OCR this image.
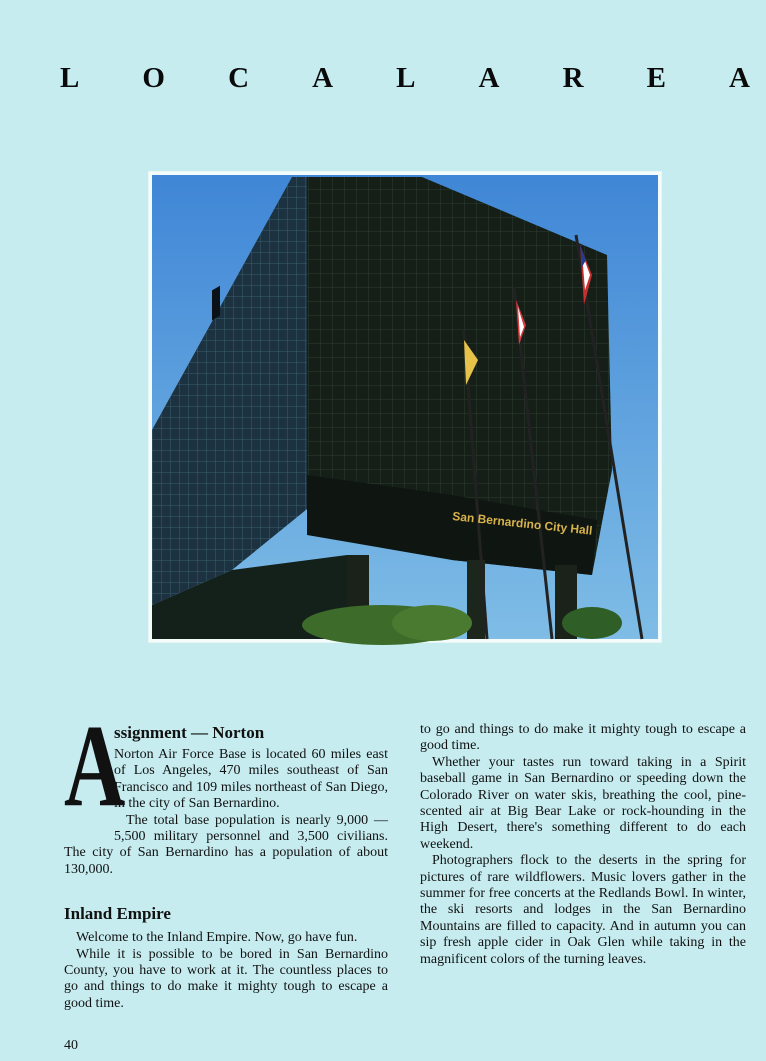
L O C A L A R E A
San Bernardino City Hall
A
ssignment — Norton

Norton Air Force Base is located 60 miles east of Los Angeles, 470 miles southeast of San Francisco and 109 miles northeast of San Diego, in the city of San Bernardino.

The total base population is nearly 9,000 — 5,500 military personnel and 3,500 civilians. The city of San Bernardino has a population of about 130,000.

Inland Empire

Welcome to the Inland Empire. Now, go have fun.

While it is possible to be bored in San Bernardino County, you have to work at it. The countless places to go and things to do make it mighty tough to escape a good time.

to go and things to do make it mighty tough to escape a good time.

Whether your tastes run toward taking in a Spirit baseball game in San Bernardino or speeding down the Colorado River on water skis, breathing the cool, pine-scented air at Big Bear Lake or rock-hounding in the High Desert, there's something different to do each weekend.

Photographers flock to the deserts in the spring for pictures of rare wildflowers. Music lovers gather in the summer for free concerts at the Redlands Bowl. In winter, the ski resorts and lodges in the San Bernardino Mountains are filled to capacity. And in autumn you can sip fresh apple cider in Oak Glen while taking in the magnificent colors of the turning leaves.

40
